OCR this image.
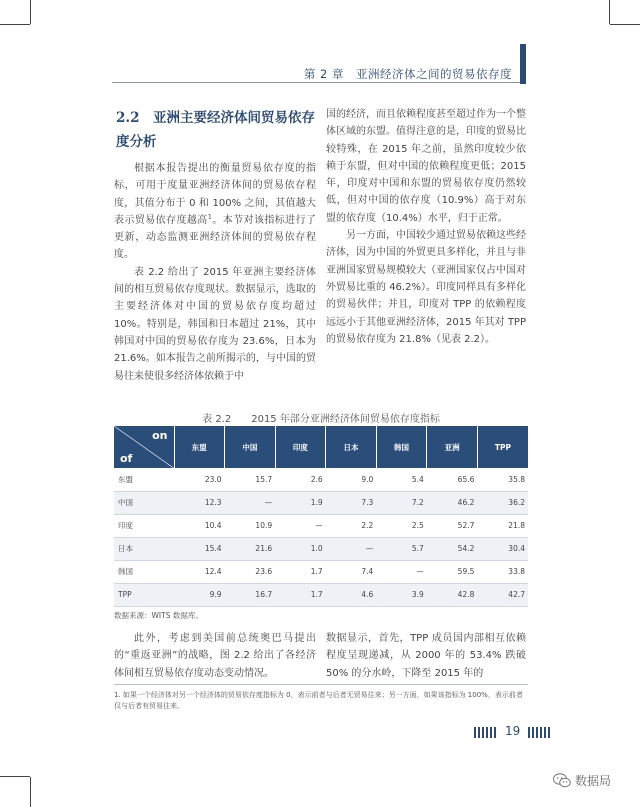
第 2 章　亚洲经济体之间的贸易依存度
2.2　亚洲主要经济体间贸易依存度分析

根据本报告提出的衡量贸易依存度的指标，可用于度量亚洲经济体间的贸易依存程度，其值分布于 0 和 100% 之间，其值越大表示贸易依存度越高$^1$。本节对该指标进行了更新，动态监测亚洲经济体间的贸易依存程度。

表 2.2 给出了 2015 年亚洲主要经济体间的相互贸易依存度现状。数据显示，选取的主要经济体对中国的贸易依存度均超过 10%。特别是，韩国和日本超过 21%，其中韩国对中国的贸易依存度为 23.6%，日本为 21.6%。如本报告之前所揭示的，与中国的贸易往来使很多经济体依赖于中

国的经济，而且依赖程度甚至超过作为一个整体区域的东盟。值得注意的是，印度的贸易比较特殊，在 2015 年之前，虽然印度较少依赖于东盟，但对中国的依赖程度更低；2015 年，印度对中国和东盟的贸易依存度仍然较低，但对中国的依存度（10.9%）高于对东盟的依存度（10.4%）水平，归于正常。

另一方面，中国较少通过贸易依赖这些经济体，因为中国的外贸更具多样化，并且与非亚洲国家贸易规模较大（亚洲国家仅占中国对外贸易比重的 46.2%）。印度同样具有多样化的贸易伙伴；并且，印度对 TPP 的依赖程度远远小于其他亚洲经济体，2015 年其对 TPP 的贸易依存度为 21.8%（见表 2.2）。

表 2.2　　2015 年部分亚洲经济体间贸易依存度指标
on
of	东盟	中国	印度	日本	韩国	亚洲	TPP
东盟	23.0	15.7	2.6	9.0	5.4	65.6	35.8
中国	12.3	—	1.9	7.3	7.2	46.2	36.2
印度	10.4	10.9	—	2.2	2.5	52.7	21.8
日本	15.4	21.6	1.0	—	5.7	54.2	30.4
韩国	12.4	23.6	1.7	7.4	—	59.5	33.8
TPP	9.9	16.7	1.7	4.6	3.9	42.8	42.7
数据来源：WITS 数据库。

此外，考虑到美国前总统奥巴马提出的“重返亚洲”的战略，图 2.2 给出了各经济体间相互贸易依存度动态变动情况。

数据显示，首先，TPP 成员国内部相互依赖程度呈现递减，从 2000 年的 53.4% 跌破 50% 的分水岭，下降至 2015 年的

1. 如果一个经济体对另一个经济体的贸易依存度指标为 0，表示前者与后者无贸易往来；另一方面，如果该指标为 100%，表示前者仅与后者有贸易往来。
19
数据局
